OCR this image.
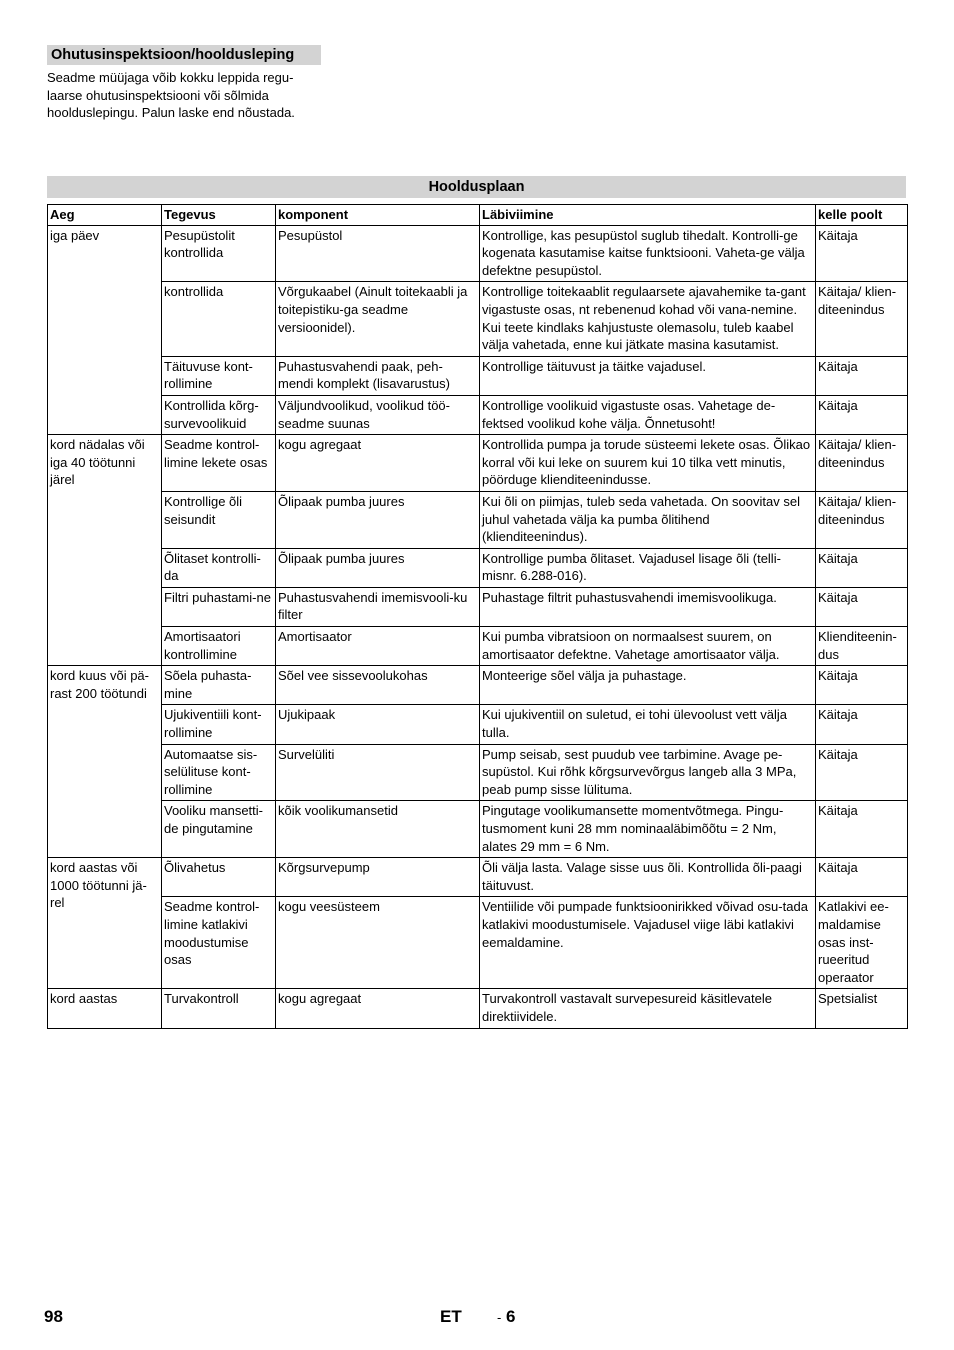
Ohutusinspektsioon/hooldusleping
Seadme müüjaga võib kokku leppida regu-
laarse ohutusinspektsiooni või sõlmida
hoolduslepingu. Palun laske end nõustada.
Hooldusplaan
Aeg	Tegevus	komponent	Läbiviimine	kelle poolt
iga päev	Pesupüstolit kontrollida	Pesupüstol	Kontrollige, kas pesupüstol suglub tihedalt. Kontrolli-ge kogenata kasutamise kaitse funktsiooni. Vaheta-ge välja defektne pesupüstol.	Käitaja
	kontrollida	Võrgukaabel (Ainult toitekaabli ja toitepistiku-ga seadme versioonidel).	Kontrollige toitekaablit regulaarsete ajavahemike ta-gant vigastuste osas, nt rebenenud kohad või vana-nemine. Kui teete kindlaks kahjustuste olemasolu, tuleb kaabel välja vahetada, enne kui jätkate masina kasutamist.	Käitaja/ klien-diteenindus
	Täituvuse kont-rollimine	Puhastusvahendi paak, peh-mendi komplekt (lisavarustus)	Kontrollige täituvust ja täitke vajadusel.	Käitaja
	Kontrollida kõrg-survevoolikuid	Väljundvoolikud, voolikud töö-seadme suunas	Kontrollige voolikuid vigastuste osas. Vahetage de-fektsed voolikud kohe välja. Õnnetusoht!	Käitaja
kord nädalas või iga 40 töötunni järel	Seadme kontrol-limine lekete osas	kogu agregaat	Kontrollida pumpa ja torude süsteemi lekete osas. Õlikao korral või kui leke on suurem kui 10 tilka vett minutis, pöörduge klienditeenindusse.	Käitaja/ klien-diteenindus
	Kontrollige õli seisundit	Õlipaak pumba juures	Kui õli on piimjas, tuleb seda vahetada. On soovitav sel juhul vahetada välja ka pumba õlitihend (klienditeenindus).	Käitaja/ klien-diteenindus
	Õlitaset kontrolli-da	Õlipaak pumba juures	Kontrollige pumba õlitaset. Vajadusel lisage õli (telli-misnr. 6.288-016).	Käitaja
	Filtri puhastami-ne	Puhastusvahendi imemisvooli-ku filter	Puhastage filtrit puhastusvahendi imemisvoolikuga.	Käitaja
	Amortisaatori kontrollimine	Amortisaator	Kui pumba vibratsioon on normaalsest suurem, on amortisaator defektne. Vahetage amortisaator välja.	Klienditeenin-dus
kord kuus või pä-rast 200 töötundi	Sõela puhasta-mine	Sõel vee sissevoolukohas	Monteerige sõel välja ja puhastage.	Käitaja
	Ujukiventiili kont-rollimine	Ujukipaak	Kui ujukiventiil on suletud, ei tohi ülevoolust vett välja tulla.	Käitaja
	Automaatse sis-selülituse kont-rollimine	Survelüliti	Pump seisab, sest puudub vee tarbimine. Avage pe-supüstol. Kui rõhk kõrgsurvevõrgus langeb alla 3 MPa, peab pump sisse lülituma.	Käitaja
	Vooliku mansetti-de pingutamine	kõik voolikumansetid	Pingutage voolikumansette momentvõtmega. Pingu-tusmoment kuni 28 mm nominaaläbimõõtu = 2 Nm, alates 29 mm = 6 Nm.	Käitaja
kord aastas või 1000 töötunni jä-rel	Õlivahetus	Kõrgsurvepump	Õli välja lasta. Valage sisse uus õli. Kontrollida õli-paagi täituvust.	Käitaja
	Seadme kontrol-limine katlakivi moodustumise osas	kogu veesüsteem	Ventiilide või pumpade funktsioonirikked võivad osu-tada katlakivi moodustumisele. Vajadusel viige läbi katlakivi eemaldamine.	Katlakivi ee-maldamise osas inst-rueeritud operaator
kord aastas	Turvakontroll	kogu agregaat	Turvakontroll vastavalt survepesureid käsitlevatele direktiividele.	Spetsialist
98	ET	- 6
